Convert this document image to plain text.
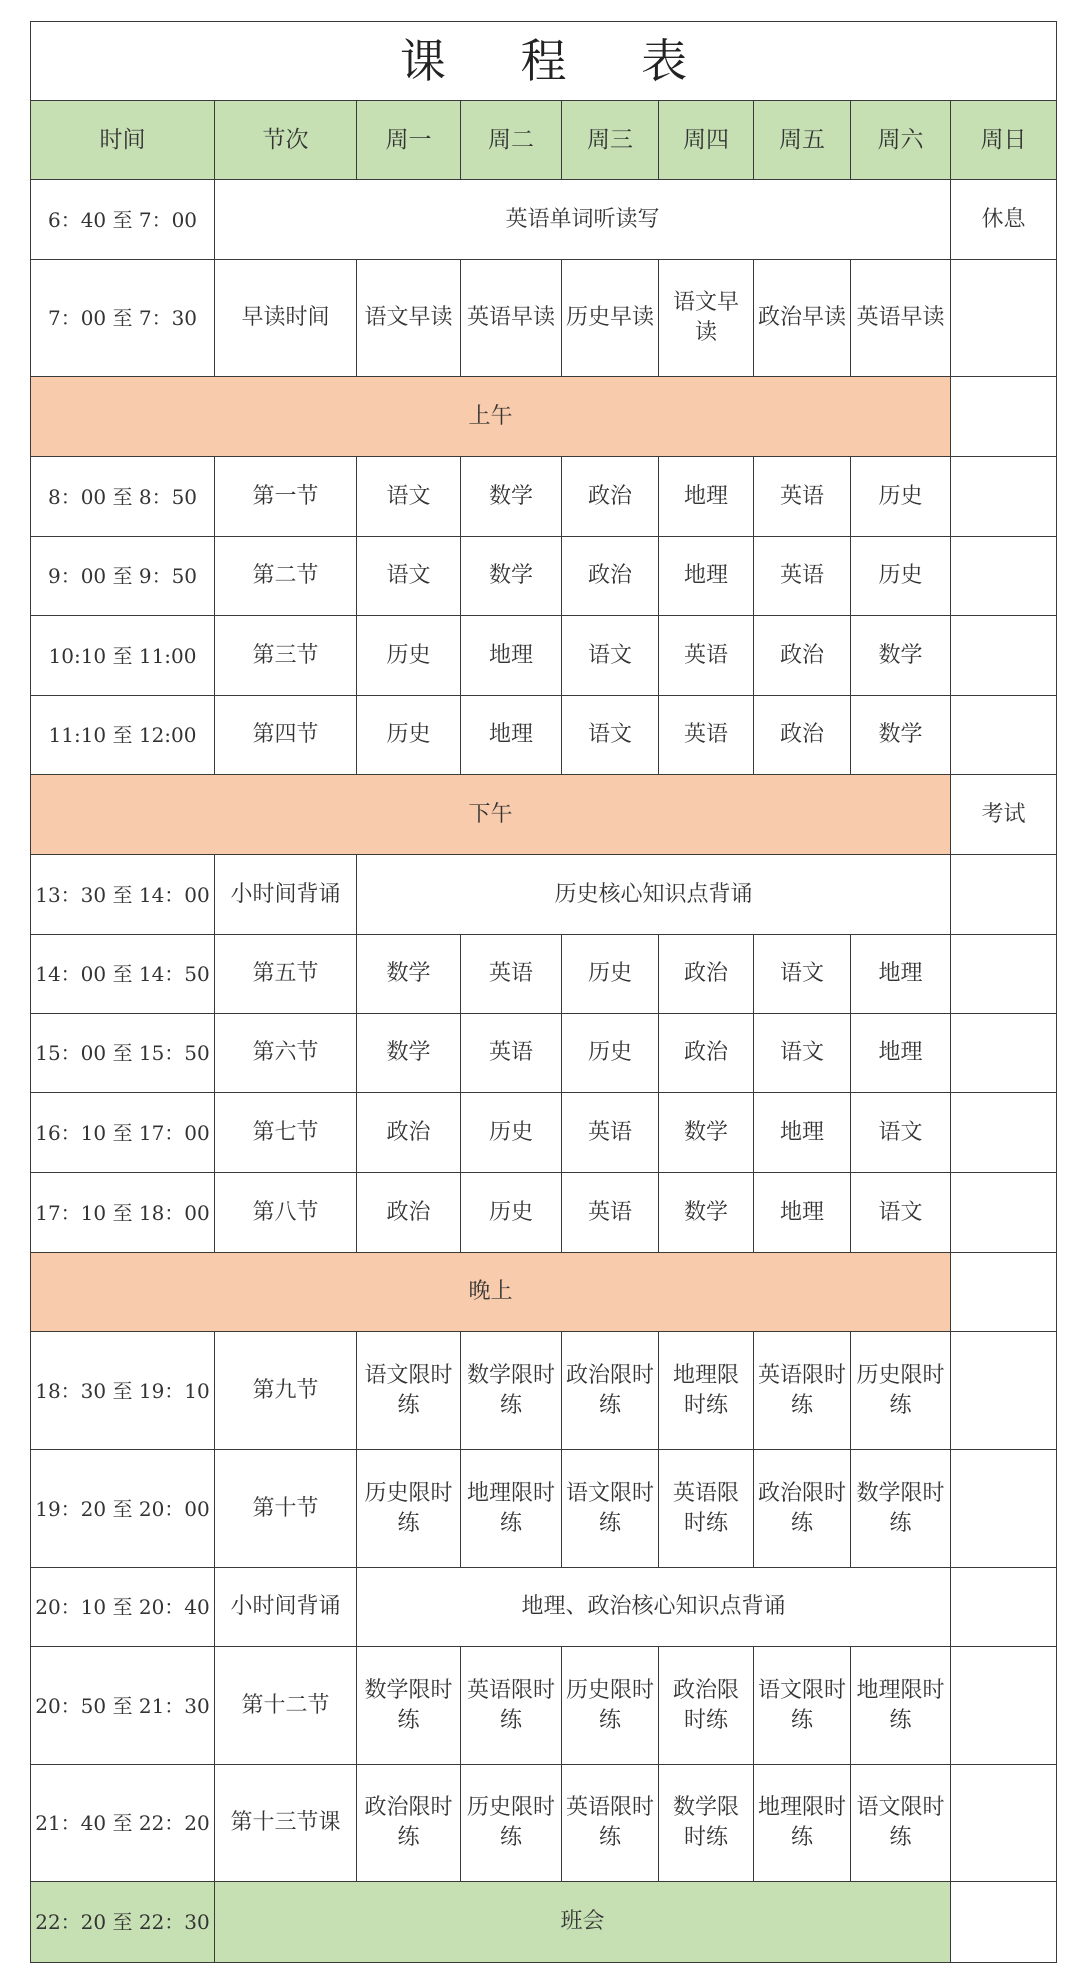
课 程 表								
时间	节次	周一	周二	周三	周四	周五	周六	周日
6：40 至 7：00	英语单词听读写							休息
7：00 至 7：30	早读时间	语文早读	英语早读	历史早读	语文早读	政治早读	英语早读	
上午								
8：00 至 8：50	第一节	语文	数学	政治	地理	英语	历史	
9：00 至 9：50	第二节	语文	数学	政治	地理	英语	历史	
10:10 至 11:00	第三节	历史	地理	语文	英语	政治	数学	
11:10 至 12:00	第四节	历史	地理	语文	英语	政治	数学	
下午								考试
13：30 至 14：00	小时间背诵	历史核心知识点背诵						
14：00 至 14：50	第五节	数学	英语	历史	政治	语文	地理	
15：00 至 15：50	第六节	数学	英语	历史	政治	语文	地理	
16：10 至 17：00	第七节	政治	历史	英语	数学	地理	语文	
17：10 至 18：00	第八节	政治	历史	英语	数学	地理	语文	
晚上								
18：30 至 19：10	第九节	语文限时练	数学限时练	政治限时练	地理限时练	英语限时练	历史限时练	
19：20 至 20：00	第十节	历史限时练	地理限时练	语文限时练	英语限时练	政治限时练	数学限时练	
20：10 至 20：40	小时间背诵	地理、政治核心知识点背诵						
20：50 至 21：30	第十二节	数学限时练	英语限时练	历史限时练	政治限时练	语文限时练	地理限时练	
21：40 至 22：20	第十三节课	政治限时练	历史限时练	英语限时练	数学限时练	地理限时练	语文限时练	
22：20 至 22：30	班会							
